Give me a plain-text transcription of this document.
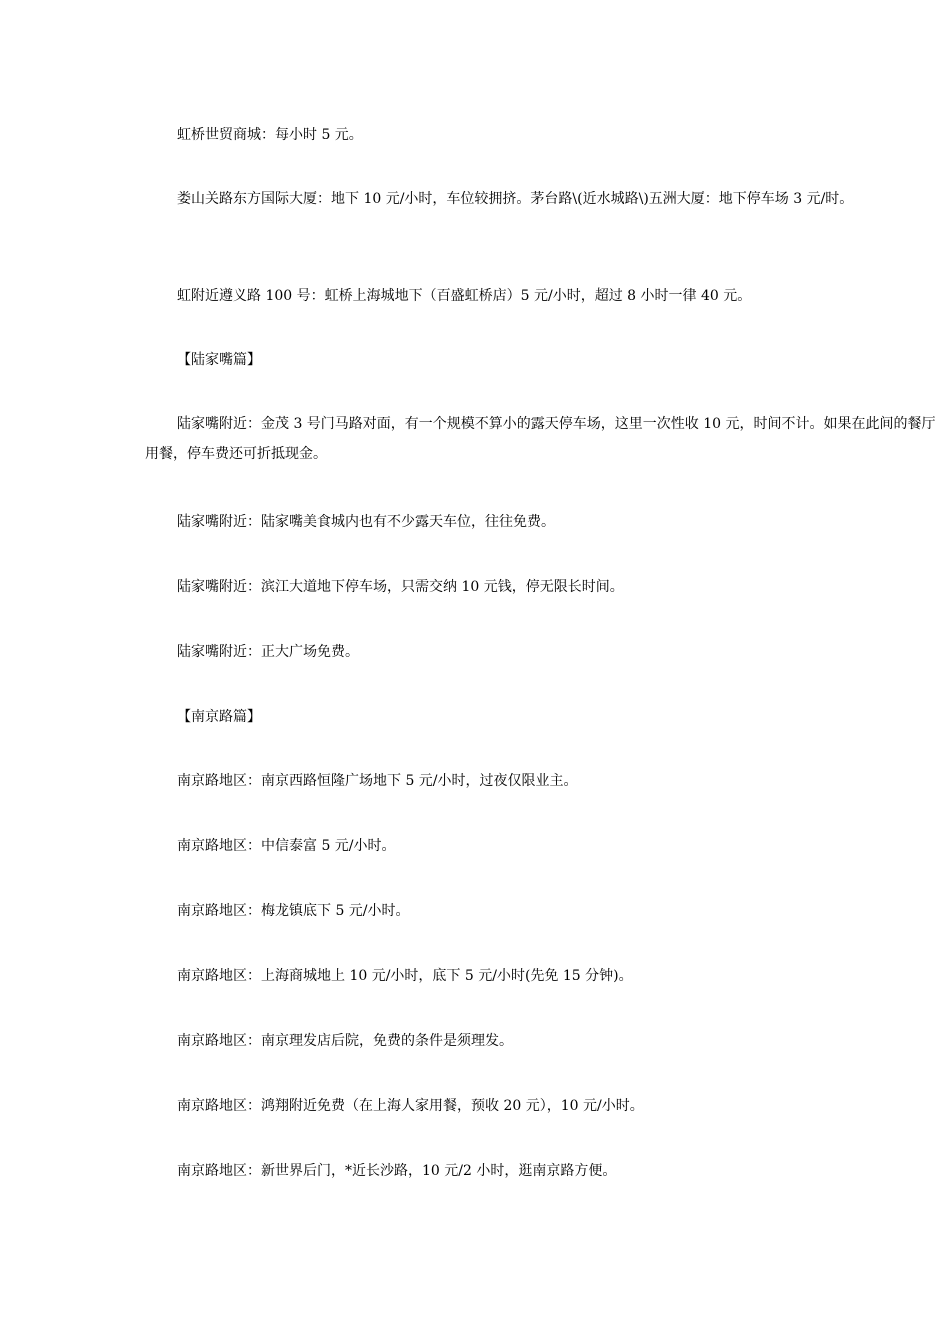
虹桥世贸商城：每小时 5 元。

娄山关路东方国际大厦：地下 10 元/小时，车位较拥挤。茅台路\(近水城路\)五洲大厦：地下停车场 3 元/时。

虹附近遵义路 100 号：虹桥上海城地下（百盛虹桥店）5 元/小时，超过 8 小时一律 40 元。

【陆家嘴篇】

陆家嘴附近：金茂 3 号门马路对面，有一个规模不算小的露天停车场，这里一次性收 10 元，时间不计。如果在此间的餐厅用餐，停车费还可折抵现金。

陆家嘴附近：陆家嘴美食城内也有不少露天车位，往往免费。

陆家嘴附近：滨江大道地下停车场，只需交纳 10 元钱，停无限长时间。

陆家嘴附近：正大广场免费。

【南京路篇】

南京路地区：南京西路恒隆广场地下 5 元/小时，过夜仅限业主。

南京路地区：中信泰富 5 元/小时。

南京路地区：梅龙镇底下 5 元/小时。

南京路地区：上海商城地上 10 元/小时，底下 5 元/小时(先免 15 分钟)。

南京路地区：南京理发店后院，免费的条件是须理发。

南京路地区：鸿翔附近免费（在上海人家用餐，预收 20 元），10 元/小时。

南京路地区：新世界后门，*近长沙路，10 元/2 小时，逛南京路方便。
